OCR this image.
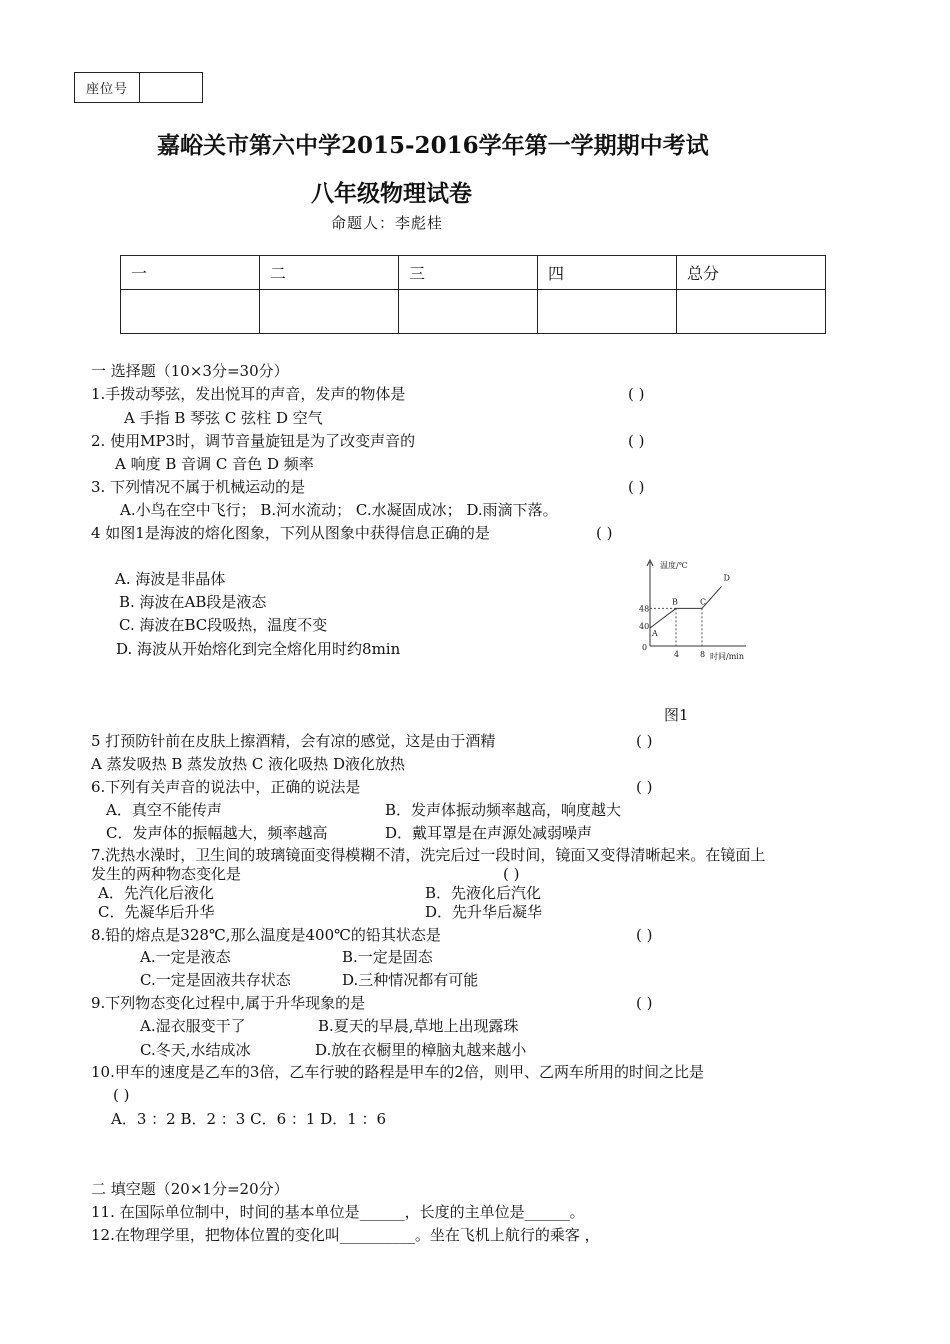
座位号
嘉峪关市第六中学2015-2016学年第一学期期中考试
八年级物理试卷
命题人：李彪桂
一	二	三	四	总分

一 选择题（10×3分=30分）
1.手拨动琴弦，发出悦耳的声音，发声的物体是	( )
A 手指 B 琴弦 C 弦柱 D 空气
2. 使用MP3时，调节音量旋钮是为了改变声音的	( )
A 响度 B 音调 C 音色 D 频率
3. 下列情况不属于机械运动的是	( )
A.小鸟在空中飞行； B.河水流动； C.水凝固成冰； D.雨滴下落。
4 如图1是海波的熔化图象，下列从图象中获得信息正确的是	( )
A. 海波是非晶体
B. 海波在AB段是液态
C. 海波在BC段吸热，温度不变
D. 海波从开始熔化到完全熔化用时约8min
温度/℃
时间/min
0
4	8
40
48
A
B	C
D
图1
5 打预防针前在皮肤上擦酒精，会有凉的感觉，这是由于酒精	( )
A 蒸发吸热 B 蒸发放热 C 液化吸热 D液化放热
6.下列有关声音的说法中，正确的说法是	( )
A．真空不能传声	B．发声体振动频率越高，响度越大
C．发声体的振幅越大，频率越高	D．戴耳罩是在声源处减弱噪声
7.洗热水澡时，卫生间的玻璃镜面变得模糊不清，洗完后过一段时间，镜面又变得清晰起来。在镜面上
发生的两种物态变化是	( )
A．先汽化后液化	B．先液化后汽化
C．先凝华后升华	D．先升华后凝华
8.铅的熔点是328℃,那么温度是400℃的铅其状态是	( )
A.一定是液态	B.一定是固态
C.一定是固液共存状态	D.三种情况都有可能
9.下列物态变化过程中,属于升华现象的是	( )
A.湿衣服变干了	B.夏天的早晨,草地上出现露珠
C.冬天,水结成冰	D.放在衣橱里的樟脑丸越来越小
10.甲车的速度是乙车的3倍，乙车行驶的路程是甲车的2倍，则甲、乙两车所用的时间之比是
( )
A．3 ：2 B．2 ：3 C．6 ：1 D．1 ：6
二 填空题（20×1分=20分）
11. 在国际单位制中，时间的基本单位是______，长度的主单位是______。
12.在物理学里，把物体位置的变化叫__________。坐在飞机上航行的乘客 ，
